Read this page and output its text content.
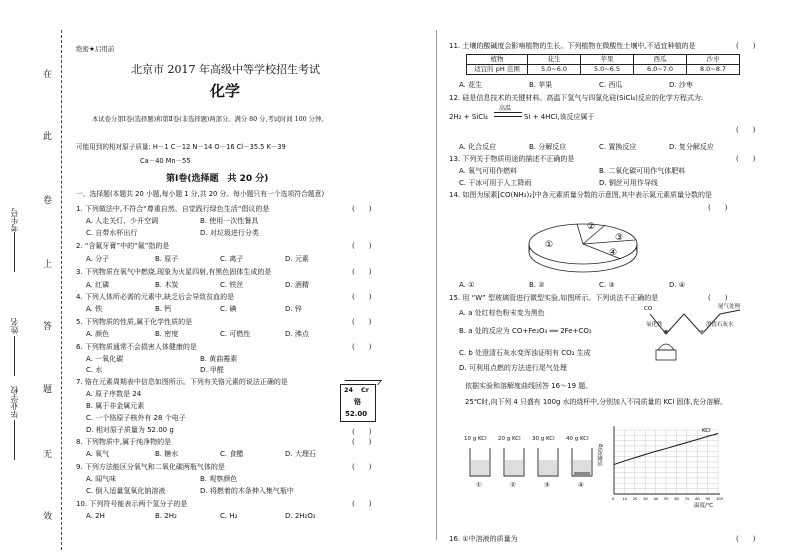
在
此
卷
上
答
题
无
效
考生号
姓名
毕业学校
绝密★启用前
北京市 2017 年高级中等学校招生考试
化学
本试卷分第Ⅰ卷(选择题)和第Ⅱ卷(非选择题)两部分。满分 80 分,考试时间 100 分钟。
可能用到的相对原子质量: H－1 C－12 N－14 O－16 Cl－35.5 K－39
Ca－40 Mn－55
第Ⅰ卷(选择题　共 20 分)
一、选择题(本题共 20 小题,每小题 1 分,共 20 分。每小题只有一个选项符合题意)
1. 下列做法中,不符合“尊重自然、自觉践行绿色生活”倡议的是	(　　)
A. 人走关灯、少开空调	B. 使用一次性餐具
C. 自带水杯出行	D. 对垃圾进行分类
2. “含氟牙膏”中的“氟”指的是	(　　)
A. 分子	B. 原子	C. 离子	D. 元素
3. 下列物质在氧气中燃烧,现象为火星四射,有黑色固体生成的是	(　　)
A. 红磷	B. 木炭	C. 铁丝	D. 酒精
4. 下列人体所必需的元素中,缺乏后会导致贫血的是	(　　)
A. 铁	B. 钙	C. 碘	D. 锌
5. 下列物质的性质,属于化学性质的是	(　　)
A. 颜色	B. 密度	C. 可燃性	D. 沸点
6. 下列物质通常不会损害人体健康的是	(　　)
A. 一氧化碳	B. 黄曲霉素
C. 水	D. 甲醛
7. 铬在元素周期表中信息如图所示。下列有关铬元素的说法正确的是
A. 原子序数是 24
B. 属于非金属元素
C. 一个铬原子核外有 28 个电子
D. 相对原子质量为 52.00 g
24 Cr
铬
52.00
(　　)
8. 下列物质中,属于纯净物的是	(　　)
A. 氧气	B. 糖水	C. 食醋	D. 大理石
9. 下列方法能区分氧气和二氧化碳两瓶气体的是	(　　)
A. 闻气味	B. 观察颜色
C. 倒入适量氢氧化钠溶液	D. 将燃着的木条伸入集气瓶中
10. 下列符号能表示两个氢分子的是	(　　)
A. 2H	B. 2H₂	C. H₂	D. 2H₂O₂
11. 土壤的酸碱度会影响植物的生长。下列植物在微酸性土壤中,不适宜种植的是	(　　)
植物	花生	苹果	西瓜	沙枣
适宜的 pH 范围	5.0~6.0	5.0~6.5	6.0~7.0	8.0~8.7
A. 花生	B. 苹果	C. 西瓜	D. 沙枣
12. 硅是信息技术的关键材料。高温下氢气与四氯化硅(SiCl₄)反应的化学方程式为:
高温
2H₂ + SiCl₄	Si + 4HCl,该反应属于
(　　)
A. 化合反应	B. 分解反应	C. 置换反应	D. 复分解反应
13. 下列关于物质用途的描述不正确的是	(　　)
A. 氧气可用作燃料	B. 二氧化碳可用作气体肥料
C. 干冰可用于人工降雨	D. 铜丝可用作导线
14. 如图为尿素[CO(NH₂)₂]中各元素质量分数的示意图,其中表示氮元素质量分数的是
(　　)
①
②
③
④
A. ①	B. ②	C. ③	D. ④
15. 用 “W” 型玻璃管进行微型实验,如图所示。下列说法不正确的是	(　　)
A. a 处红棕色粉末变为黑色
B. a 处的反应为 CO+Fe₂O₃ ══ 2Fe+CO₂
C. b 处澄清石灰水变浑浊证明有 CO₂ 生成
D. 可利用点燃的方法进行尾气处理
CO
氧化铁
尾气处理
澄清石灰水
依据实验和溶解度曲线回答 16～19 题。
25℃时,向下列 4 只盛有 100g 水的烧杯中,分别加入不同质量的 KCl 固体,充分溶解。
10 g KCl 20 g KCl 30 g KCl 40 g KCl
①	②	③	④
0 10 20 30 40 50 60 70 80 90 100
KCl
温度/℃
溶解度/g
16. ①中溶液的质量为	(　　)
